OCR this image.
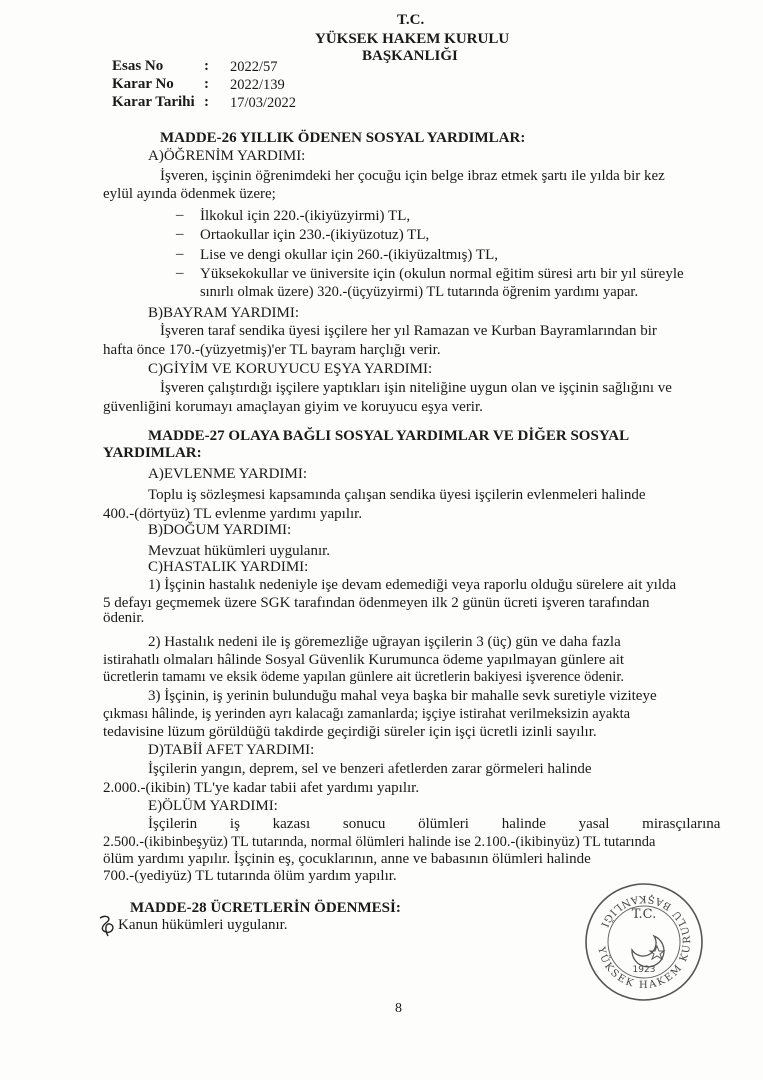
T.C.
YÜKSEK HAKEM KURULU
BAŞKANLIĞI
Esas No	: 2022/57
Karar No : 2022/139
Karar Tarihi : 17/03/2022
MADDE-26 YILLIK ÖDENEN SOSYAL YARDIMLAR:
A)ÖĞRENİM YARDIMI:
İşveren, işçinin öğrenimdeki her çocuğu için belge ibraz etmek şartı ile yılda bir kez
eylül ayında ödenmek üzere;
– İlkokul için 220.-(ikiyüzyirmi) TL,
– Ortaokullar için 230.-(ikiyüzotuz) TL,
– Lise ve dengi okullar için 260.-(ikiyüzaltmış) TL,
– Yüksekokullar ve üniversite için (okulun normal eğitim süresi artı bir yıl süreyle
sınırlı olmak üzere) 320.-(üçyüzyirmi) TL tutarında öğrenim yardımı yapar.
B)BAYRAM YARDIMI:
İşveren taraf sendika üyesi işçilere her yıl Ramazan ve Kurban Bayramlarından bir
hafta önce 170.-(yüzyetmiş)'er TL bayram harçlığı verir.
C)GİYİM VE KORUYUCU EŞYA YARDIMI:
İşveren çalıştırdığı işçilere yaptıkları işin niteliğine uygun olan ve işçinin sağlığını ve
güvenliğini korumayı amaçlayan giyim ve koruyucu eşya verir.
MADDE-27 OLAYA BAĞLI SOSYAL YARDIMLAR VE DİĞER SOSYAL
YARDIMLAR:
A)EVLENME YARDIMI:
Toplu iş sözleşmesi kapsamında çalışan sendika üyesi işçilerin evlenmeleri halinde
400.-(dörtyüz) TL evlenme yardımı yapılır.
B)DOĞUM YARDIMI:
Mevzuat hükümleri uygulanır.
C)HASTALIK YARDIMI:
1) İşçinin hastalık nedeniyle işe devam edemediği veya raporlu olduğu sürelere ait yılda
5 defayı geçmemek üzere SGK tarafından ödenmeyen ilk 2 günün ücreti işveren tarafından
ödenir.
2) Hastalık nedeni ile iş göremezliğe uğrayan işçilerin 3 (üç) gün ve daha fazla
istirahatlı olmaları hâlinde Sosyal Güvenlik Kurumunca ödeme yapılmayan günlere ait
ücretlerin tamamı ve eksik ödeme yapılan günlere ait ücretlerin bakiyesi işverence ödenir.
3) İşçinin, iş yerinin bulunduğu mahal veya başka bir mahalle sevk suretiyle viziteye
çıkması hâlinde, iş yerinden ayrı kalacağı zamanlarda; işçiye istirahat verilmeksizin ayakta
tedavisine lüzum görüldüğü takdirde geçirdiği süreler için işçi ücretli izinli sayılır.
D)TABİİ AFET YARDIMI:
İşçilerin yangın, deprem, sel ve benzeri afetlerden zarar görmeleri halinde
2.000.-(ikibin) TL'ye kadar tabii afet yardımı yapılır.
E)ÖLÜM YARDIMI:
İşçilerin iş kazası sonucu ölümleri halinde yasal mirasçılarına
2.500.-(ikibinbeşyüz) TL tutarında, normal ölümleri halinde ise 2.100.-(ikibinyüz) TL tutarında
ölüm yardımı yapılır. İşçinin eş, çocuklarının, anne ve babasının ölümleri halinde
700.-(yediyüz) TL tutarında ölüm yardım yapılır.
MADDE-28 ÜCRETLERİN ÖDENMESİ:
Kanun hükümleri uygulanır.
YÜKSEK HAKEM KURULU BAŞKANLIĞI
T.C.
1923
8
